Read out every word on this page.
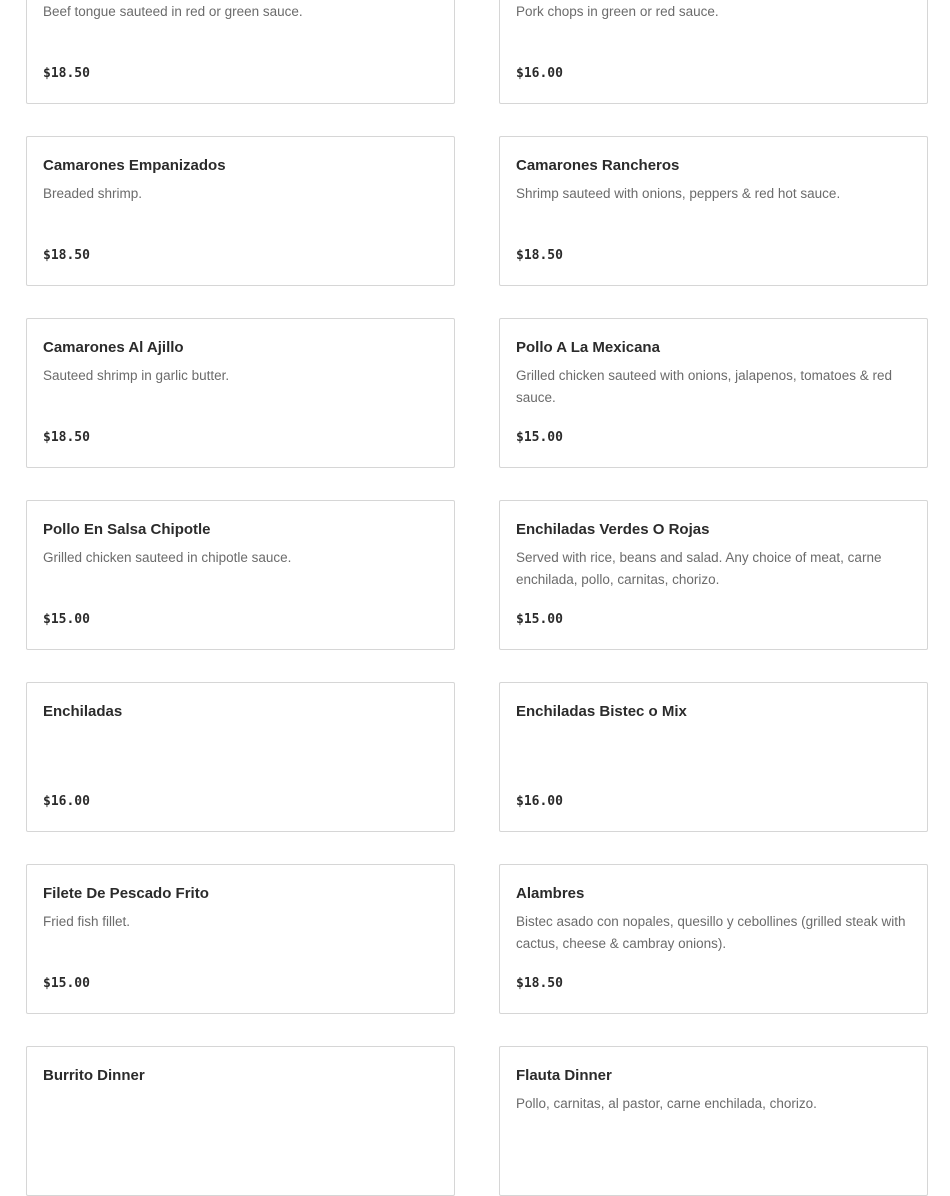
Beef tongue sauteed in red or green sauce.
$18.50
Pork chops in green or red sauce.
$16.00
Camarones Empanizados
Breaded shrimp.
$18.50
Camarones Rancheros
Shrimp sauteed with onions, peppers & red hot sauce.
$18.50
Camarones Al Ajillo
Sauteed shrimp in garlic butter.
$18.50
Pollo A La Mexicana
Grilled chicken sauteed with onions, jalapenos, tomatoes & red sauce.
$15.00
Pollo En Salsa Chipotle
Grilled chicken sauteed in chipotle sauce.
$15.00
Enchiladas Verdes O Rojas
Served with rice, beans and salad. Any choice of meat, carne enchilada, pollo, carnitas, chorizo.
$15.00
Enchiladas
$16.00
Enchiladas Bistec o Mix
$16.00
Filete De Pescado Frito
Fried fish fillet.
$15.00
Alambres
Bistec asado con nopales, quesillo y cebollines (grilled steak with cactus, cheese & cambray onions).
$18.50
Burrito Dinner	Flauta Dinner
Pollo, carnitas, al pastor, carne enchilada, chorizo.
